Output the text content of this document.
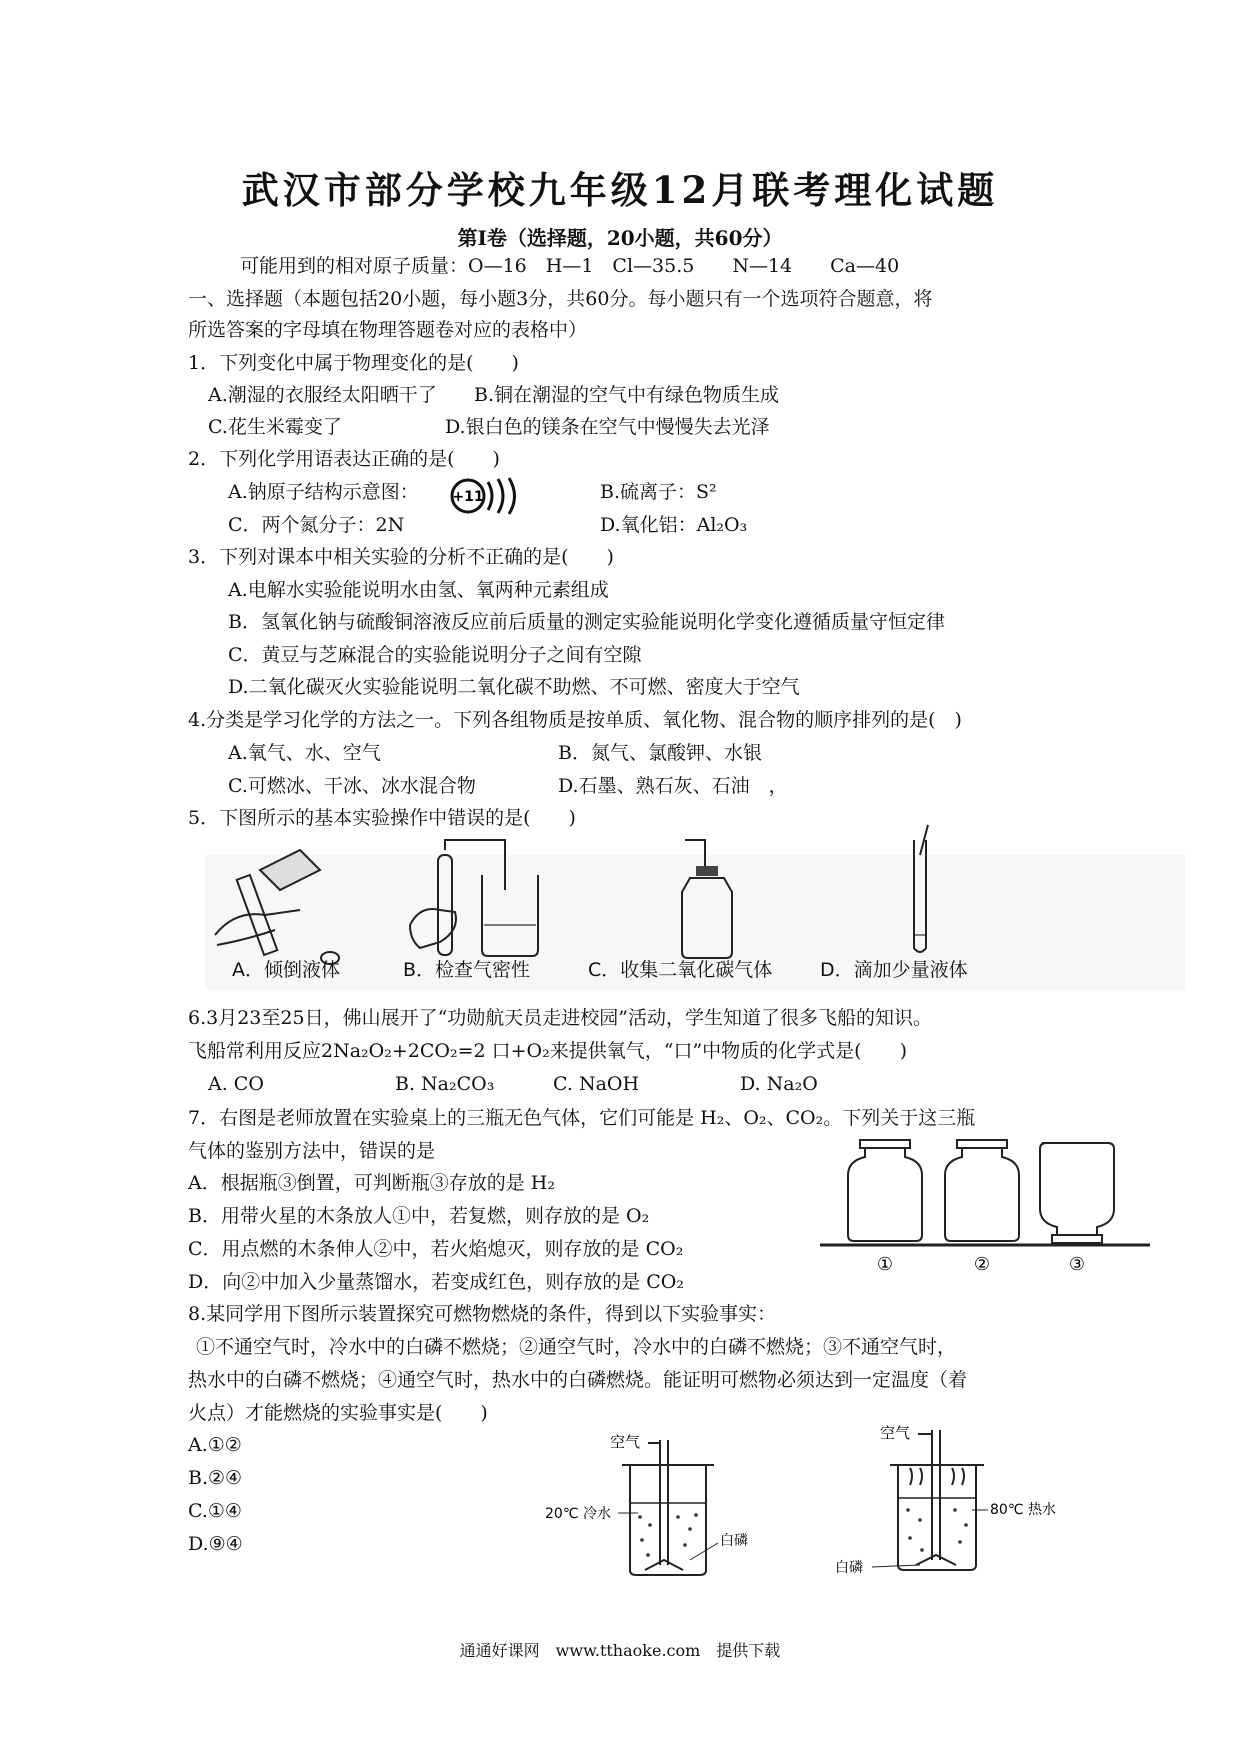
武汉市部分学校九年级12月联考理化试题
第Ⅰ卷（选择题，20小题，共60分）
可能用到的相对原子质量：O—16　H—1　Cl—35.5　　N—14　　Ca—40
一、选择题（本题包括20小题，每小题3分，共60分。每小题只有一个选项符合题意，将
所选答案的字母填在物理答题卷对应的表格中）
1．下列变化中属于物理变化的是(　　)
A.潮湿的衣服经太阳晒干了 B.铜在潮湿的空气中有绿色物质生成
C.花生米霉变了	D.银白色的镁条在空气中慢慢失去光泽
2．下列化学用语表达正确的是(　　)
A.钠原子结构示意图： +11	B.硫离子：S²
C．两个氮分子：2N	D.氧化铝：Al₂O₃
3．下列对课本中相关实验的分析不正确的是(　　)
A.电解水实验能说明水由氢、氧两种元素组成
B．氢氧化钠与硫酸铜溶液反应前后质量的测定实验能说明化学变化遵循质量守恒定律
C．黄豆与芝麻混合的实验能说明分子之间有空隙
D.二氧化碳灭火实验能说明二氧化碳不助燃、不可燃、密度大于空气
4.分类是学习化学的方法之一。下列各组物质是按单质、氧化物、混合物的顺序排列的是(　)
A.氧气、水、空气	B．氮气、氯酸钾、水银
C.可燃冰、干冰、冰水混合物	D.石墨、熟石灰、石油　，
5．下图所示的基本实验操作中错误的是(　　)
A．倾倒液体	B．检查气密性	C．收集二氧化碳气体	D．滴加少量液体
6.3月23至25日，佛山展开了“功勋航天员走进校园”活动，学生知道了很多飞船的知识。
飞船常利用反应2Na₂O₂+2CO₂=2 口+O₂来提供氧气，“口”中物质的化学式是(　　)
A. CO	B. Na₂CO₃	C. NaOH	D. Na₂O
7．右图是老师放置在实验桌上的三瓶无色气体，它们可能是 H₂、O₂、CO₂。下列关于这三瓶
气体的鉴别方法中，错误的是
A．根据瓶③倒置，可判断瓶③存放的是 H₂
B．用带火星的木条放人①中，若复燃，则存放的是 O₂
C．用点燃的木条伸人②中，若火焰熄灭，则存放的是 CO₂
D．向②中加入少量蒸馏水，若变成红色，则存放的是 CO₂
①	②	③
8.某同学用下图所示装置探究可燃物燃烧的条件，得到以下实验事实：
①不通空气时，冷水中的白磷不燃烧；②通空气时，冷水中的白磷不燃烧；③不通空气时，
热水中的白磷不燃烧；④通空气时，热水中的白磷燃烧。能证明可燃物必须达到一定温度（着
火点）才能燃烧的实验事实是(　　)
A.①②
B.②④
C.①④
D.⑨④
空气
20℃ 冷水
白磷
空气
80℃ 热水
白磷
通通好课网　www.tthaoke.com　提供下载
